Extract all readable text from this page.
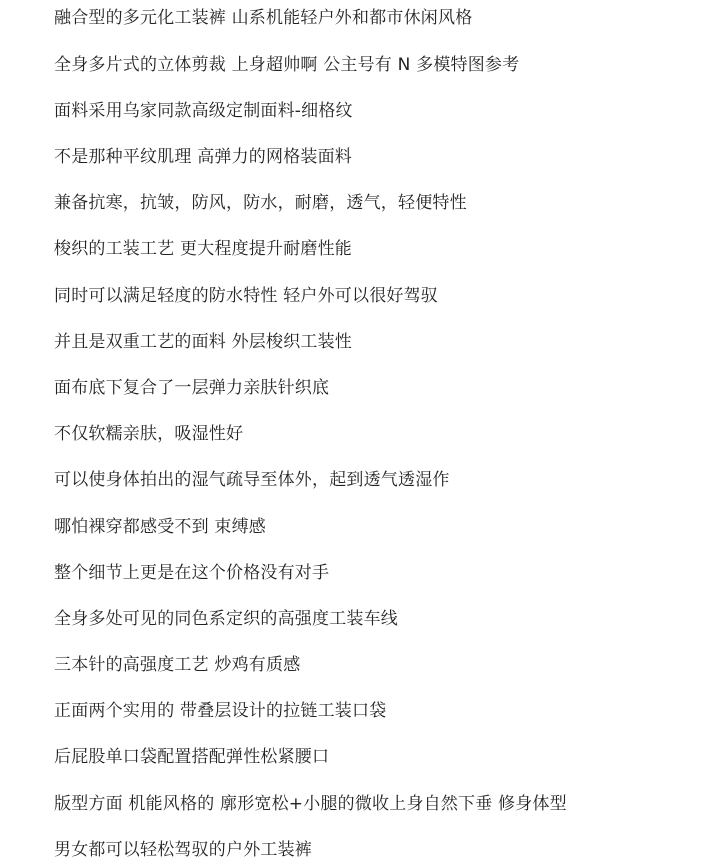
融合型的多元化工装裤 山系机能轻户外和都市休闲风格

全身多片式的立体剪裁 上身超帅啊 公主号有 N 多模特图参考

面料采用乌家同款高级定制面料-细格纹

不是那种平纹肌理 高弹力的网格装面料

兼备抗寒，抗皱，防风，防水，耐磨，透气，轻便特性

梭织的工装工艺 更大程度提升耐磨性能

同时可以满足轻度的防水特性 轻户外可以很好驾驭

并且是双重工艺的面料 外层梭织工装性

面布底下复合了一层弹力亲肤针织底

不仅软糯亲肤，吸湿性好

可以使身体拍出的湿气疏导至体外，起到透气透湿作

哪怕裸穿都感受不到 束缚感

整个细节上更是在这个价格没有对手

全身多处可见的同色系定织的高强度工装车线

三本针的高强度工艺 炒鸡有质感

正面两个实用的 带叠层设计的拉链工装口袋

后屁股单口袋配置搭配弹性松紧腰口

版型方面 机能风格的 廓形宽松+小腿的微收上身自然下垂 修身体型

男女都可以轻松驾驭的户外工装裤
